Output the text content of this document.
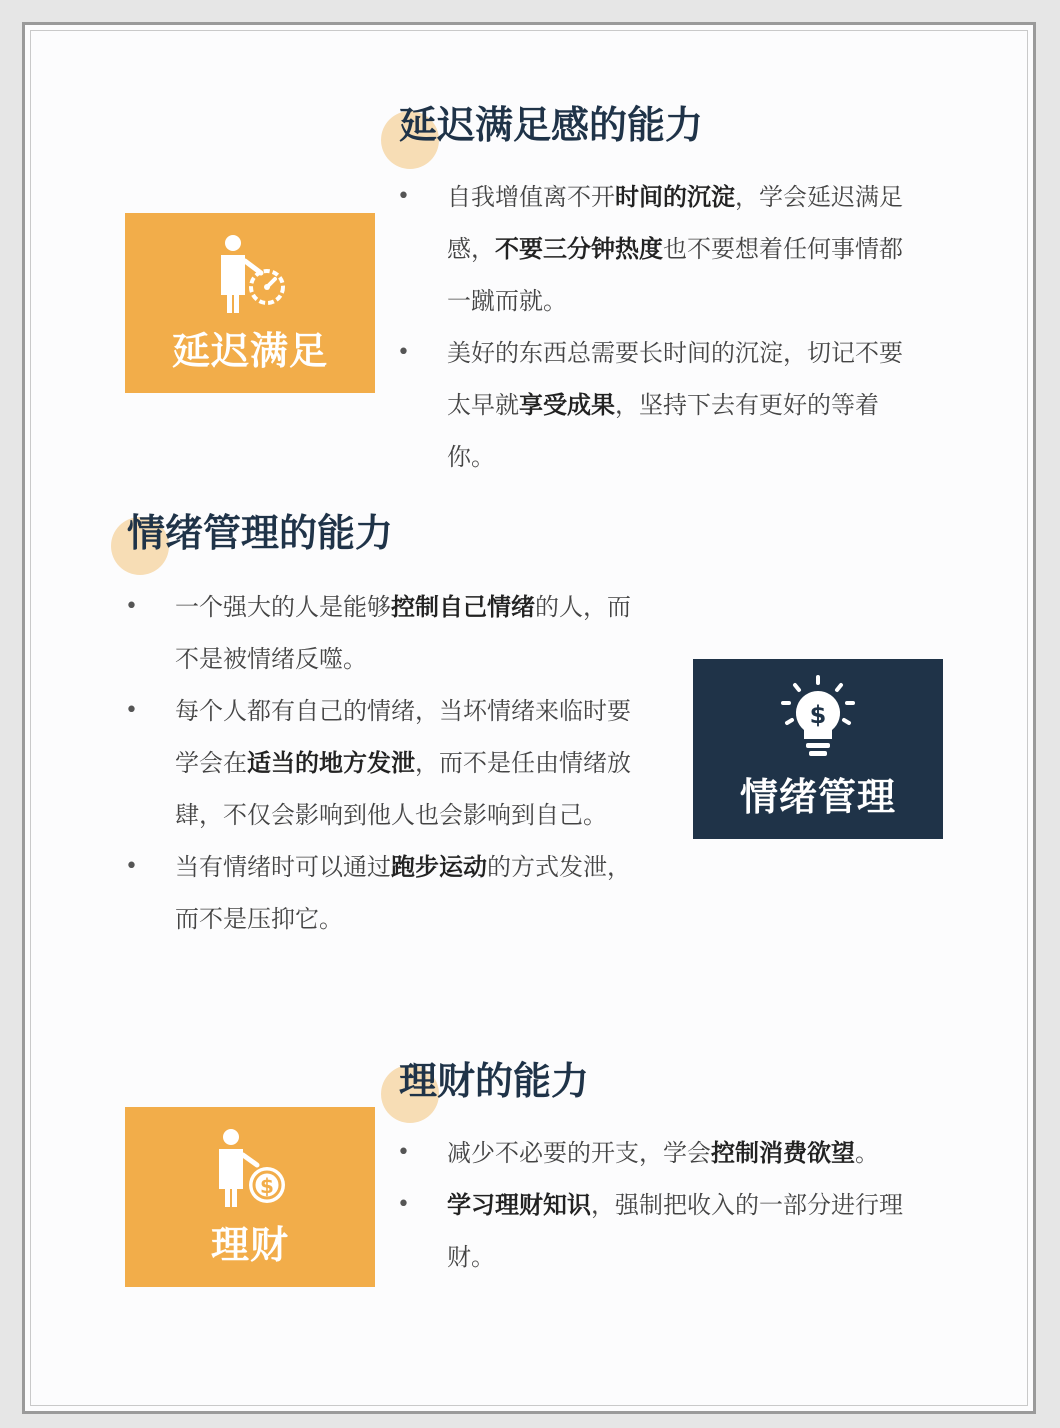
延迟满足感的能力
延迟满足
• 自我增值离不开时间的沉淀，学会延迟满足感，不要三分钟热度也不要想着任何事情都一蹴而就。
• 美好的东西总需要长时间的沉淀，切记不要太早就享受成果，坚持下去有更好的等着你。
情绪管理的能力
• 一个强大的人是能够控制自己情绪的人，而不是被情绪反噬。
• 每个人都有自己的情绪，当坏情绪来临时要学会在适当的地方发泄，而不是任由情绪放肆，不仅会影响到他人也会影响到自己。
• 当有情绪时可以通过跑步运动的方式发泄，而不是压抑它。
$
情绪管理
理财的能力
$
理财
• 减少不必要的开支，学会控制消费欲望。
• 学习理财知识，强制把收入的一部分进行理财。
